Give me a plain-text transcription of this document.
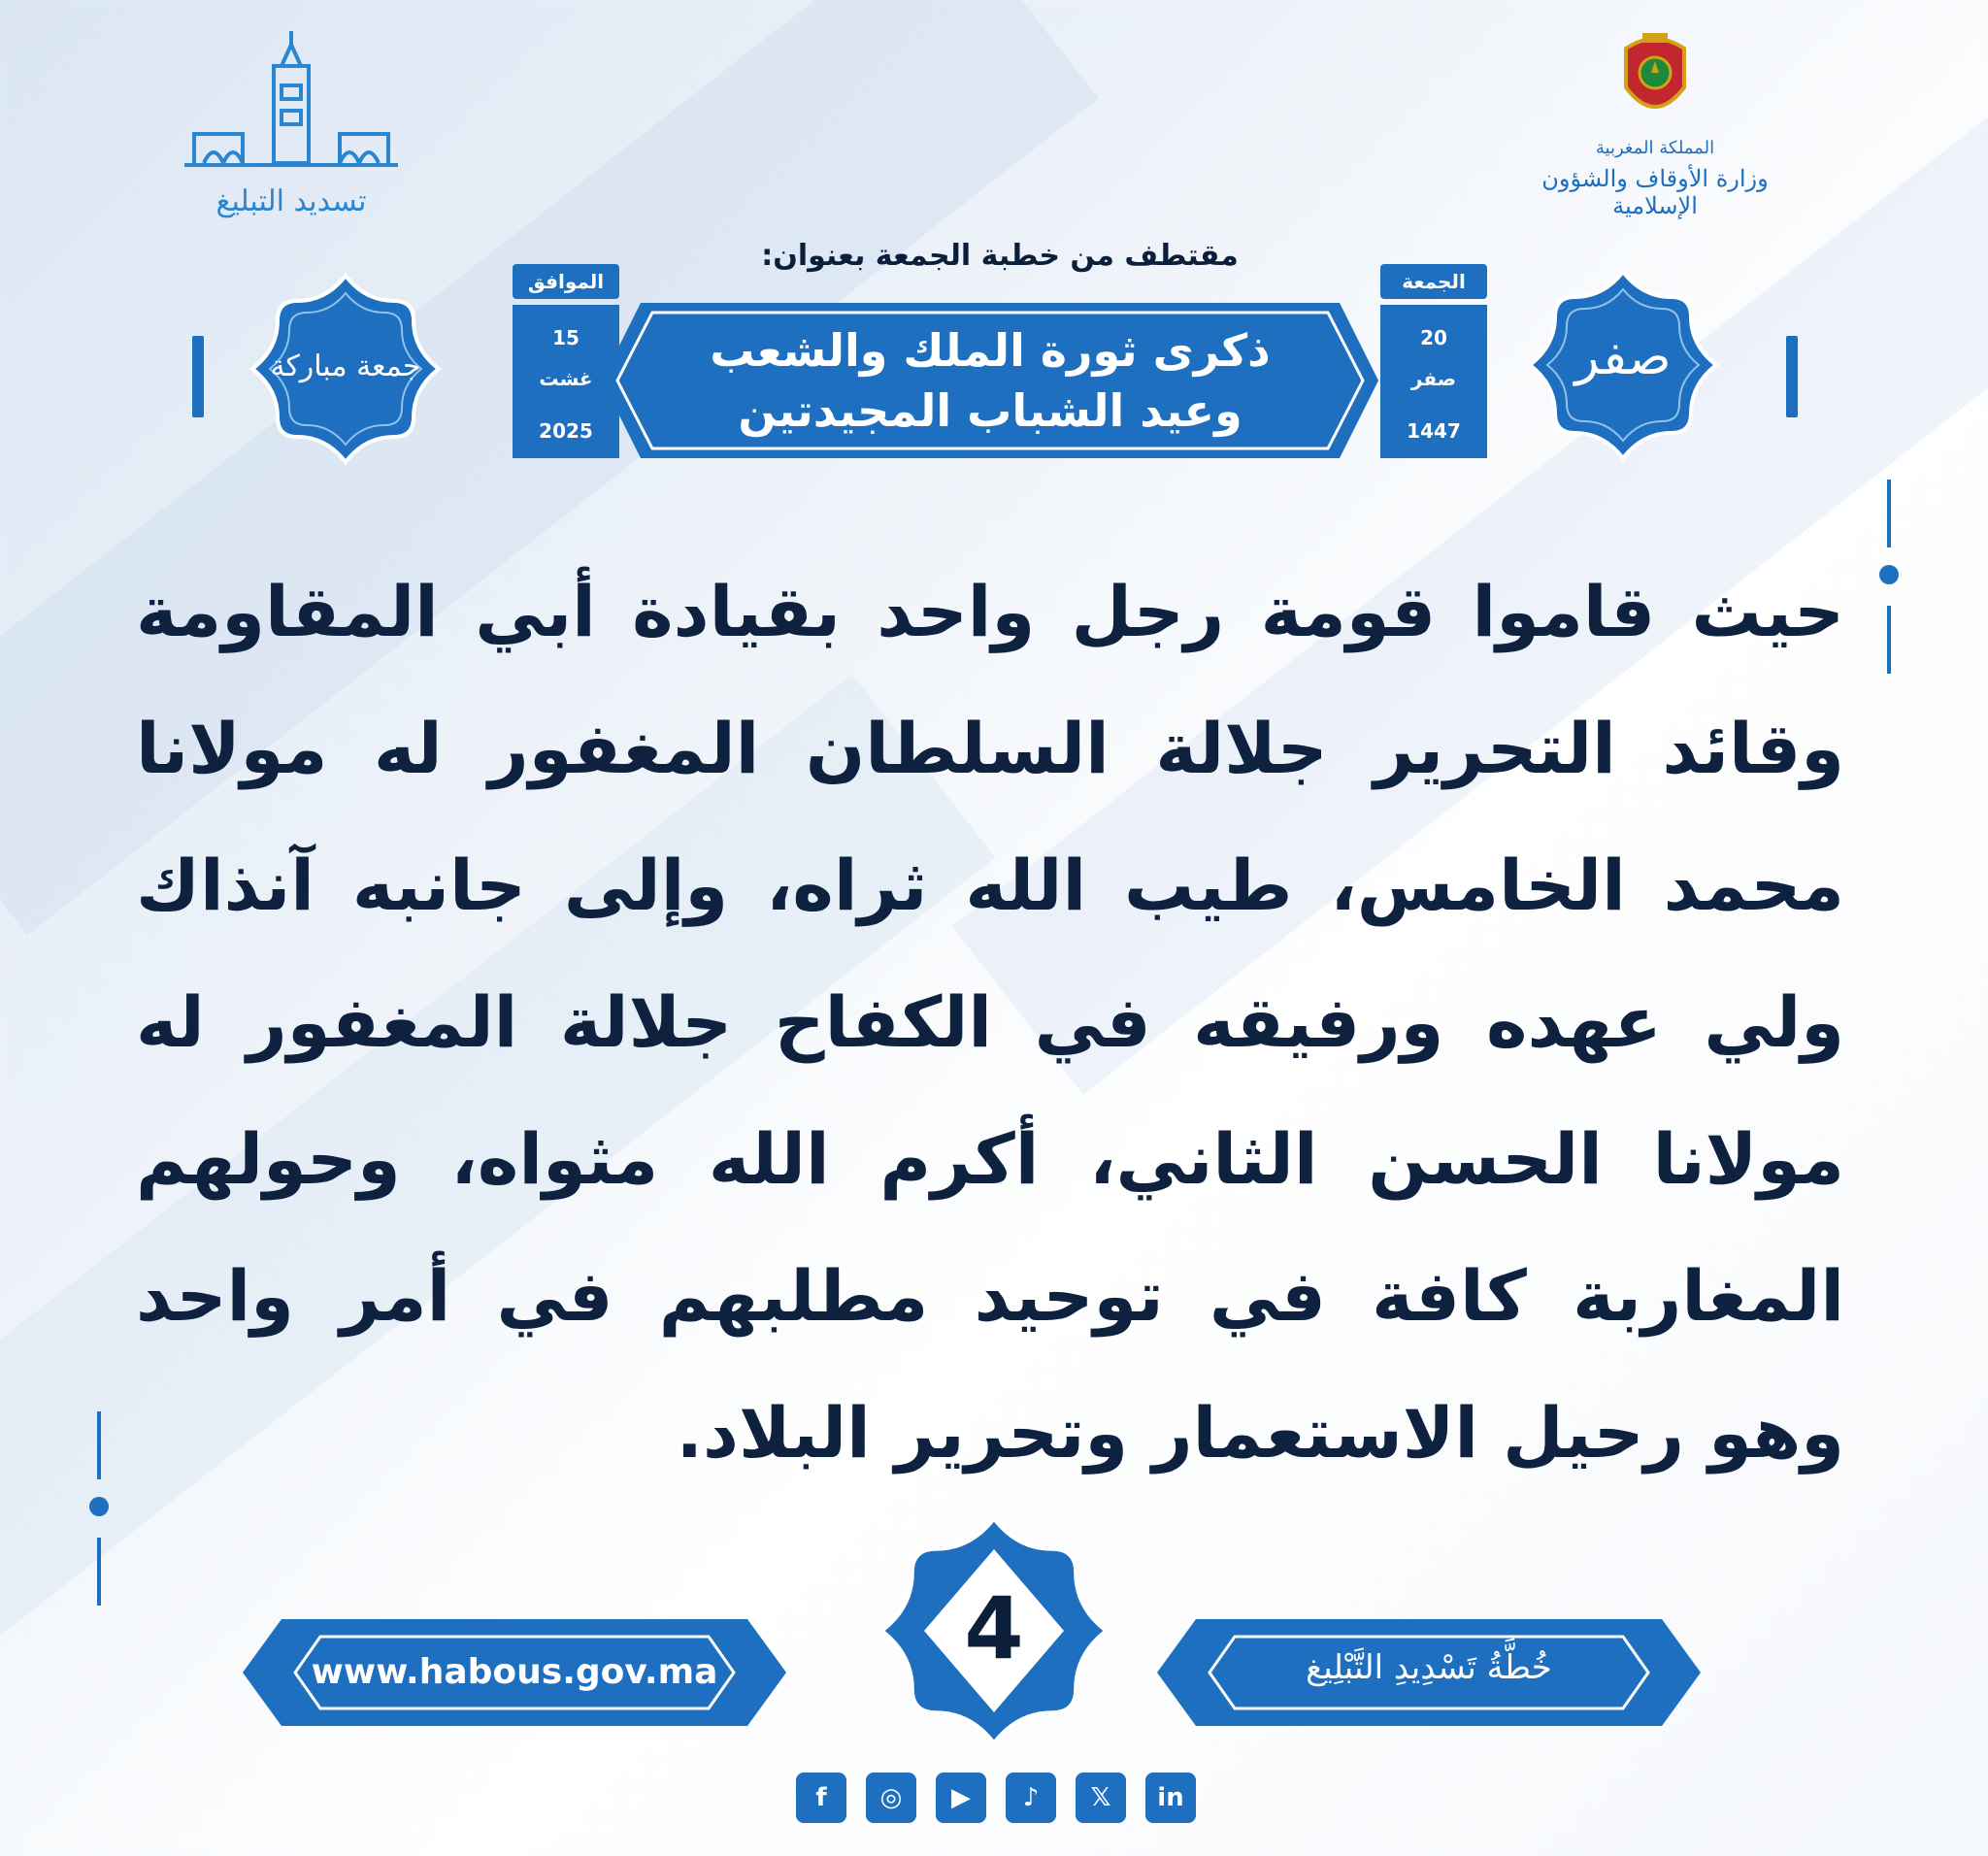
تسديد التبليغ
المملكة المغربية
وزارة الأوقاف والشؤون الإسلامية
مقتطف من خطبة الجمعة بعنوان:
جمعة مباركة
الموافق
15
غشت
2025
ذكرى ثورة الملك والشعب
وعيد الشباب المجيدتين
الجمعة
20
صفر
1447
صفر
حيث قاموا قومة رجل واحد بقيادة أبي المقاومة وقائد التحرير جلالة السلطان المغفور له مولانا محمد الخامس، طيب الله ثراه، وإلى جانبه آنذاك ولي عهده ورفيقه في الكفاح جلالة المغفور له مولانا الحسن الثاني، أكرم الله مثواه، وحولهم المغاربة كافة في توحيد مطلبهم في أمر واحد وهو رحيل الاستعمار وتحرير البلاد.
www.habous.gov.ma	4	خُطَّةُ تَسْدِيدِ التَّبْلِيغ
f	◎	▶	♪	𝕏	in
